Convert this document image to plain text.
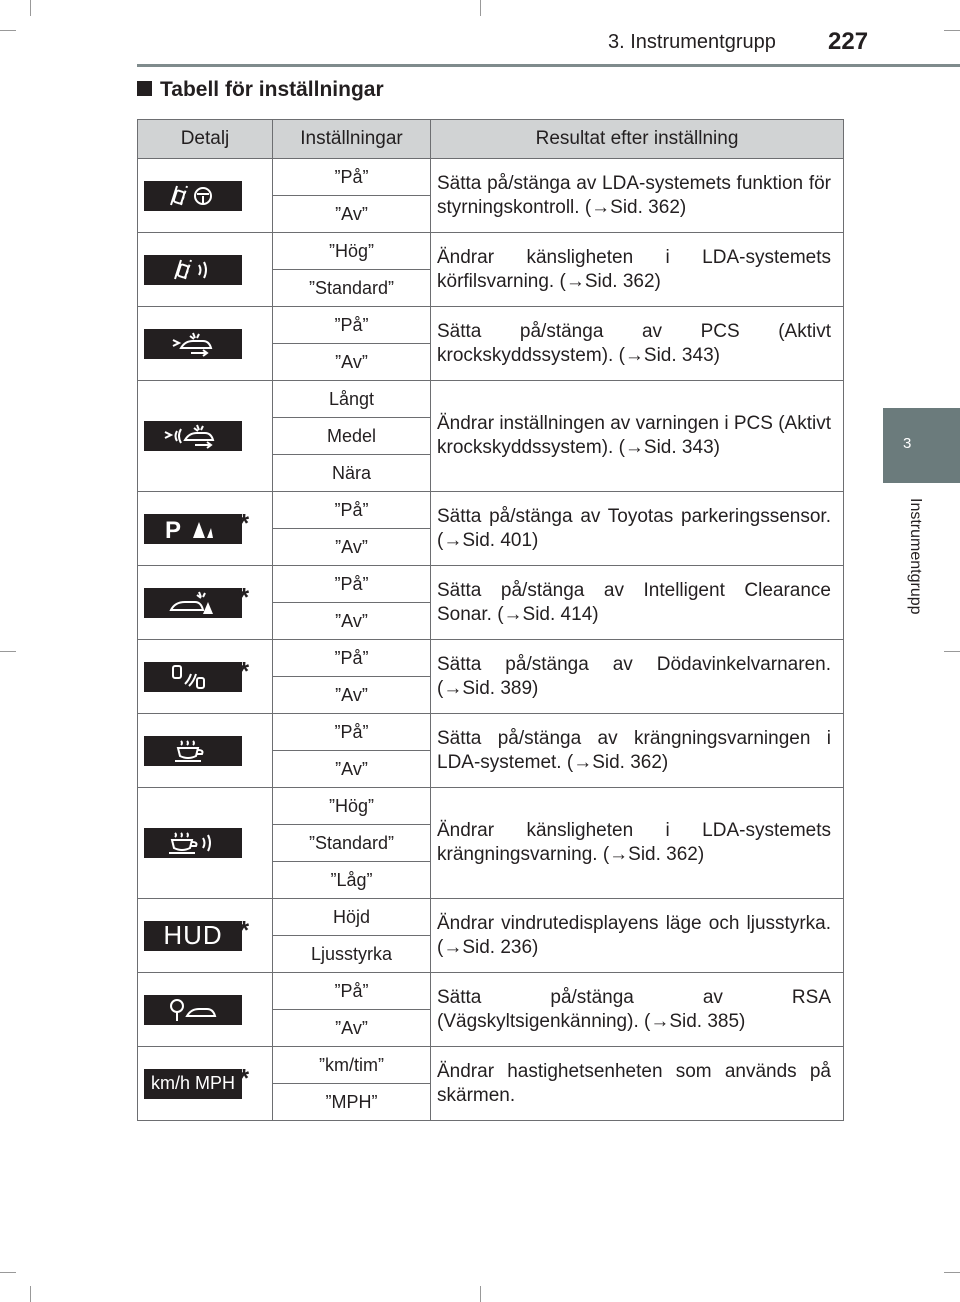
3. Instrumentgrupp 227
3
Instrumentgrupp
Tabell för inställningar
Detalj	Inställningar	Resultat efter inställning

	”På”	Sätta på/stänga av LDA-systemets funktion för styrningskontroll. (→Sid. 362)
	”Av”	

	”Hög”	Ändrar känsligheten i LDA-systemets körfilsvarning. (→Sid. 362)
	”Standard”	

	”På”	Sätta på/stänga av PCS (Aktivt krockskyddssystem). (→Sid. 343)
	”Av”	

	Långt	Ändrar inställningen av varningen i PCS (Aktivt krockskyddssystem). (→Sid. 343)
	Medel	
	Nära	

P *	”På”	Sätta på/stänga av Toyotas parkeringssensor. (→Sid. 401)
	”Av”	

*	”På”	Sätta på/stänga av Intelligent Clearance Sonar. (→Sid. 414)
	”Av”	

*	”På”	Sätta på/stänga av Dödavinkelvarnaren. (→Sid. 389)
	”Av”	

	”På”	Sätta på/stänga av krängningsvarningen i LDA-systemet. (→Sid. 362)
	”Av”	

	”Hög”	Ändrar känsligheten i LDA-systemets krängningsvarning. (→Sid. 362)
	”Standard”	
	”Låg”	

HUD *	Höjd	Ändrar vindrutedisplayens läge och ljusstyrka. (→Sid. 236)
	Ljusstyrka	

	”På”	Sätta på/stänga av RSA (Vägskyltsigenkänning). (→Sid. 385)
	”Av”	

km/h MPH *	”km/tim”	Ändrar hastighetsenheten som används på skärmen.
	”MPH”	
